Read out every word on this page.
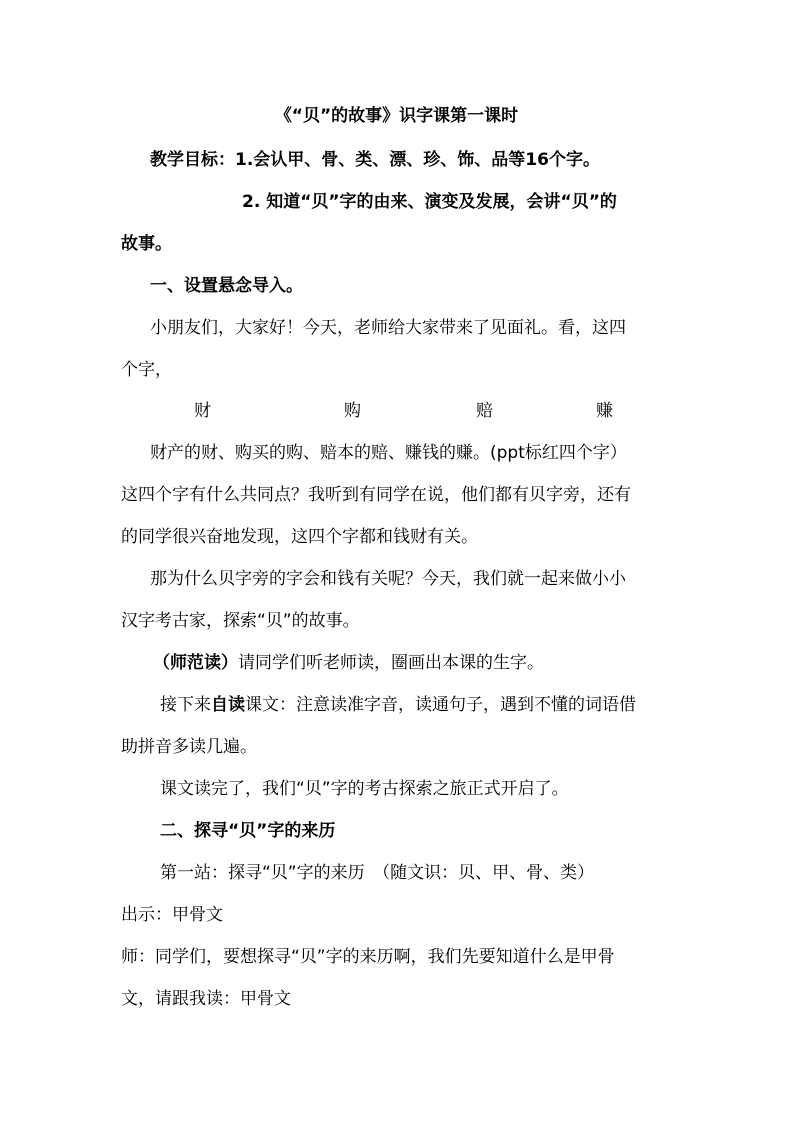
《“贝”的故事》识字课第一课时
教学目标：1.会认甲、骨、类、漂、珍、饰、品等16个字。
2. 知道“贝”字的由来、演变及发展，会讲“贝”的
故事。
一、设置悬念导入。
小朋友们，大家好！今天，老师给大家带来了见面礼。看，这四
个字，
财	购	赔	赚
财产的财、购买的购、赔本的赔、赚钱的赚。(ppt标红四个字）
这四个字有什么共同点？我听到有同学在说，他们都有贝字旁，还有
的同学很兴奋地发现，这四个字都和钱财有关。
那为什么贝字旁的字会和钱有关呢？今天，我们就一起来做小小
汉字考古家，探索“贝”的故事。
（师范读）请同学们听老师读，圈画出本课的生字。
接下来自读课文：注意读准字音，读通句子，遇到不懂的词语借
助拼音多读几遍。
课文读完了，我们“贝”字的考古探索之旅正式开启了。
二、探寻“贝”字的来历
第一站：探寻“贝”字的来历　（随文识：贝、甲、骨、类）
出示：甲骨文
师：同学们，要想探寻“贝”字的来历啊，我们先要知道什么是甲骨
文，请跟我读：甲骨文
